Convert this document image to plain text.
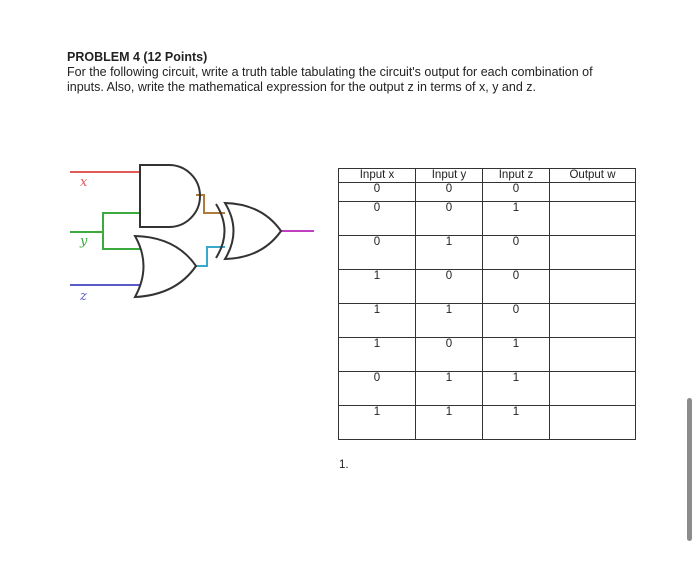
PROBLEM 4 (12 Points)

For the following circuit, write a truth table tabulating the circuit's output for each combination of inputs. Also, write the mathematical expression for the output z in terms of x, y and z.

x
y
z
Input x	Input y	Input z	Output w
0	0	0	
0	0	1	
0	1	0	
1	0	0	
1	1	0	
1	0	1	
0	1	1	
1	1	1	
1.
